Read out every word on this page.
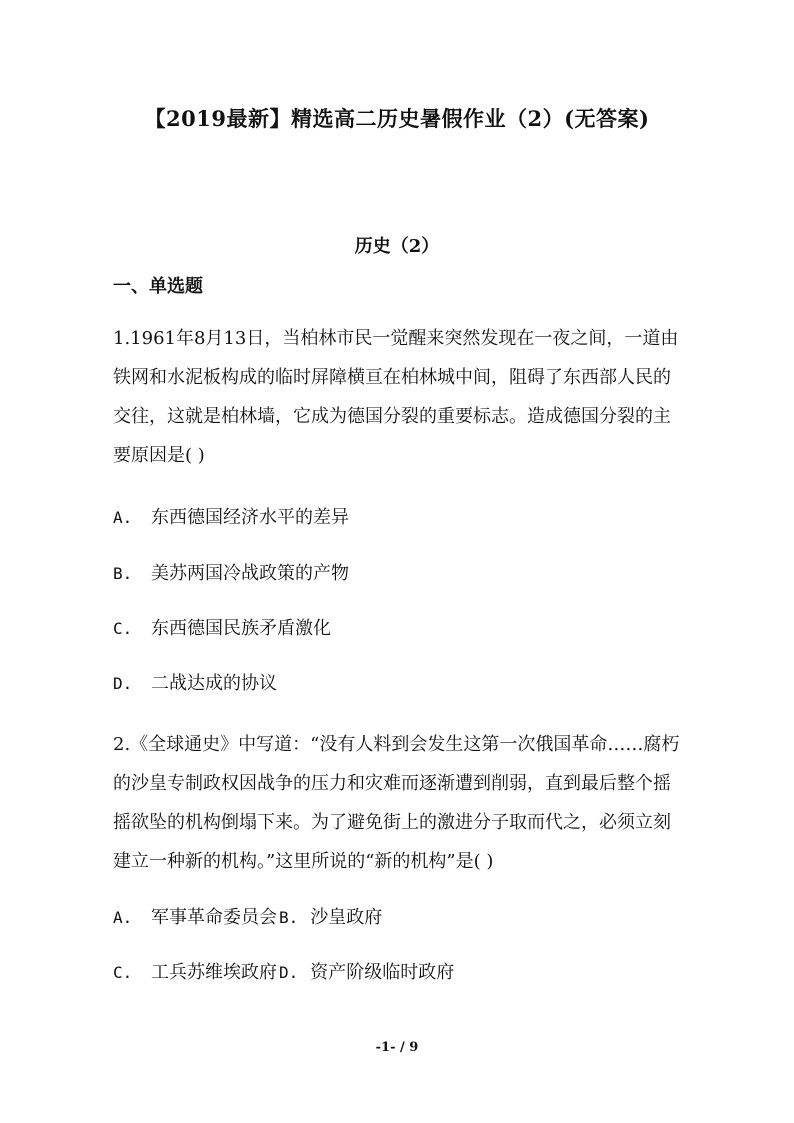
【2019最新】精选高二历史暑假作业（2）(无答案)
历史（2）
一、单选题

1.1961年8月13日，当柏林市民一觉醒来突然发现在一夜之间，一道由铁网和水泥板构成的临时屏障横亘在柏林城中间，阻碍了东西部人民的交往，这就是柏林墙，它成为德国分裂的重要标志。造成德国分裂的主要原因是( )

A. 东西德国经济水平的差异

B. 美苏两国冷战政策的产物

C. 东西德国民族矛盾激化

D. 二战达成的协议

2.《全球通史》中写道：“没有人料到会发生这第一次俄国革命……腐朽的沙皇专制政权因战争的压力和灾难而逐渐遭到削弱，直到最后整个摇摇欲坠的机构倒塌下来。为了避免街上的激进分子取而代之，必须立刻建立一种新的机构。”这里所说的“新的机构”是( )

A. 军事革命委员会 B. 沙皇政府

C. 工兵苏维埃政府 D. 资产阶级临时政府

-1- / 9
